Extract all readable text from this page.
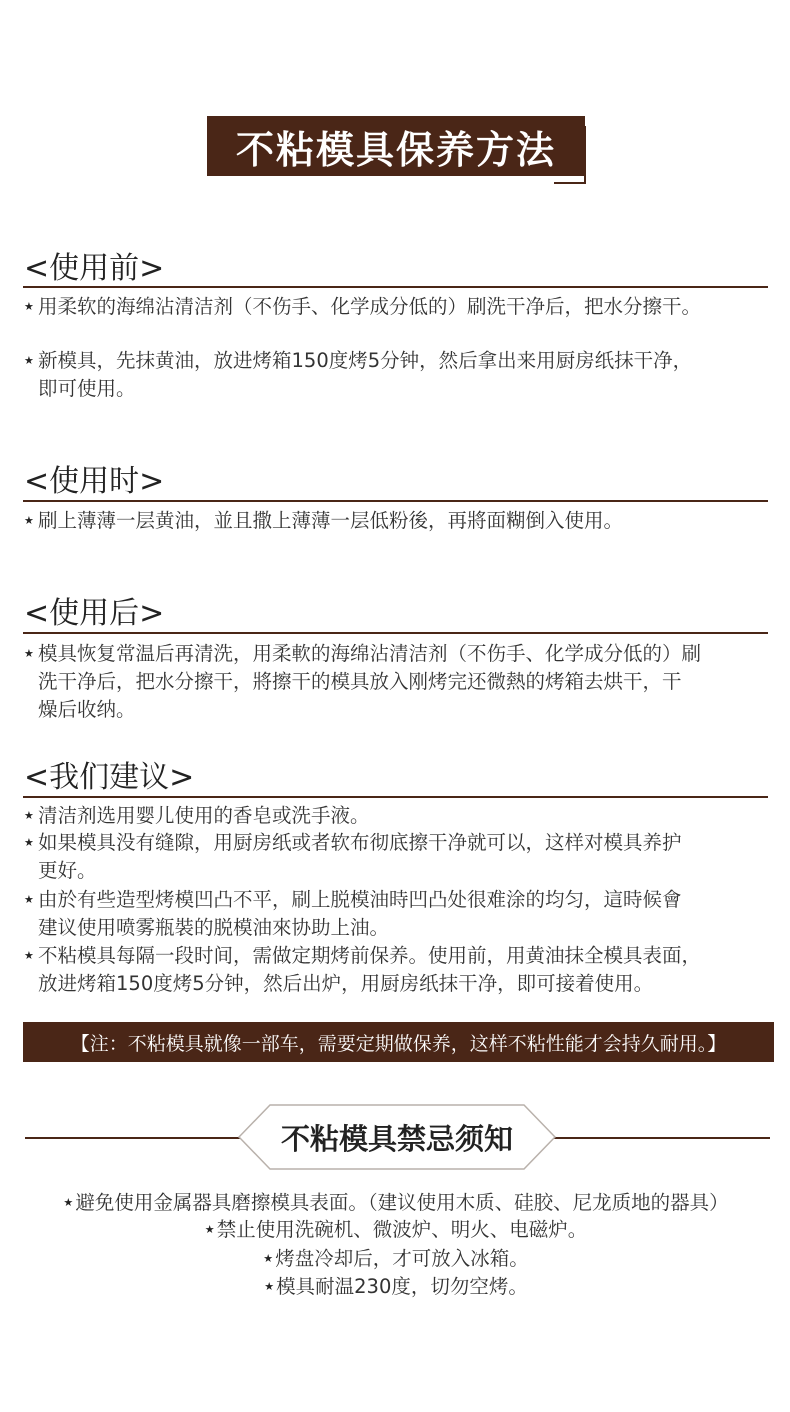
不粘模具保养方法
<使用前>
★ 用柔软的海绵沾清洁剂（不伤手、化学成分低的）刷洗干净后，把水分擦干。
★ 新模具，先抹黄油，放进烤箱150度烤5分钟，然后拿出来用厨房纸抹干净，
即可使用。
<使用时>
★ 刷上薄薄一层黄油，並且撒上薄薄一层低粉後，再將面糊倒入使用。
<使用后>
★ 模具恢复常温后再清洗，用柔軟的海绵沾清洁剂（不伤手、化学成分低的）刷
洗干净后，把水分擦干，將擦干的模具放入刚烤完还微熱的烤箱去烘干，干
燥后收纳。
<我们建议>
★ 清洁剂选用婴儿使用的香皂或洗手液。
★ 如果模具没有缝隙，用厨房纸或者软布彻底擦干净就可以，这样对模具养护
更好。
★ 由於有些造型烤模凹凸不平，刷上脱模油時凹凸处很难涂的均匀，這時候會
建议使用喷雾瓶裝的脱模油來协助上油。
★ 不粘模具每隔一段时间，需做定期烤前保养。使用前，用黄油抹全模具表面，
放进烤箱150度烤5分钟，然后出炉，用厨房纸抹干净，即可接着使用。
【注：不粘模具就像一部车，需要定期做保养，这样不粘性能才会持久耐用。】
不粘模具禁忌须知
★ 避免使用金属器具磨擦模具表面。（建议使用木质、硅胶、尼龙质地的器具）
★ 禁止使用洗碗机、微波炉、明火、电磁炉。
★ 烤盘冷却后，才可放入冰箱。
★ 模具耐温230度，切勿空烤。
